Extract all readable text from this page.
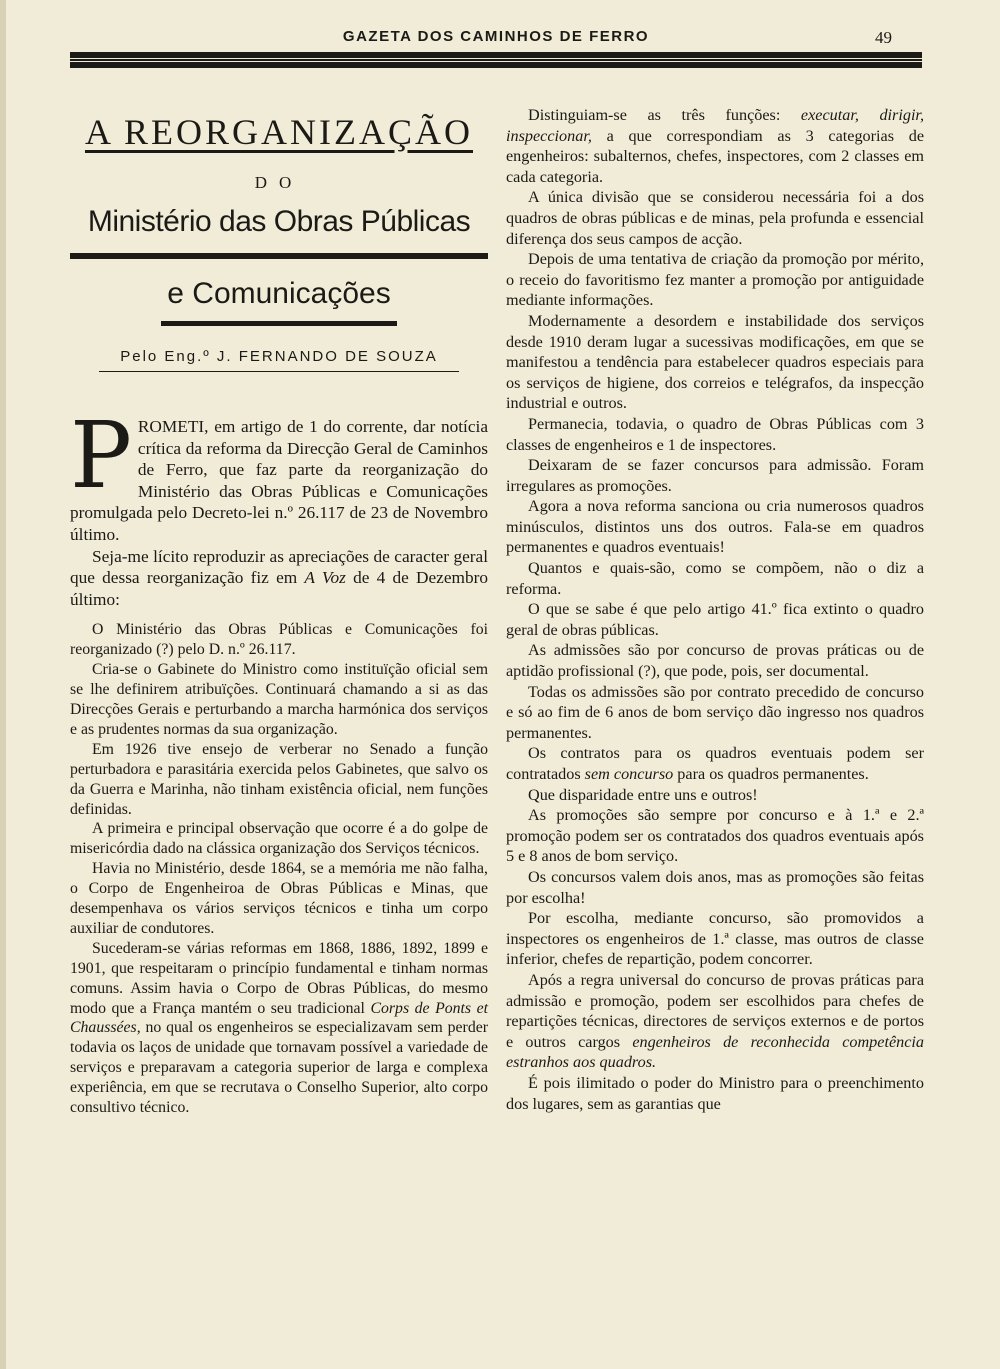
GAZETA DOS CAMINHOS DE FERRO	49
A REORGANIZAÇÃO
DO
Ministério das Obras Públicas
e Comunicações
Pelo Eng.º J. FERNANDO DE SOUZA

PROMETI, em artigo de 1 do corrente, dar notícia crítica da reforma da Direcção Geral de Caminhos de Ferro, que faz parte da reorganização do Ministério das Obras Públicas e Comunicações promulgada pelo Decreto-lei n.º 26.117 de 23 de Novembro último.

Seja-me lícito reproduzir as apreciações de caracter geral que dessa reorganização fiz em A Voz de 4 de Dezembro último:

O Ministério das Obras Públicas e Comunicações foi reorganizado (?) pelo D. n.º 26.117.

Cria-se o Gabinete do Ministro como instituïção oficial sem se lhe definirem atribuïções. Continuará chamando a si as das Direcções Gerais e perturbando a marcha harmónica dos serviços e as prudentes normas da sua organização.

Em 1926 tive ensejo de verberar no Senado a função perturbadora e parasitária exercida pelos Gabinetes, que salvo os da Guerra e Marinha, não tinham existência oficial, nem funções definidas.

A primeira e principal observação que ocorre é a do golpe de misericórdia dado na clássica organização dos Serviços técnicos.

Havia no Ministério, desde 1864, se a memória me não falha, o Corpo de Engenheiroa de Obras Públicas e Minas, que desempenhava os vários serviços técnicos e tinha um corpo auxiliar de condutores.

Sucederam-se várias reformas em 1868, 1886, 1892, 1899 e 1901, que respeitaram o princípio fundamental e tinham normas comuns. Assim havia o Corpo de Obras Públicas, do mesmo modo que a França mantém o seu tradicional Corps de Ponts et Chaussées, no qual os engenheiros se especializavam sem perder todavia os laços de unidade que tornavam possível a variedade de serviços e preparavam a categoria superior de larga e complexa experiência, em que se recrutava o Conselho Superior, alto corpo consultivo técnico.

Distinguiam-se as três funções: executar, dirigir, inspeccionar, a que correspondiam as 3 categorias de engenheiros: subalternos, chefes, inspectores, com 2 classes em cada categoria.

A única divisão que se considerou necessária foi a dos quadros de obras públicas e de minas, pela profunda e essencial diferença dos seus campos de acção.

Depois de uma tentativa de criação da promoção por mérito, o receio do favoritismo fez manter a promoção por antiguidade mediante informações.

Modernamente a desordem e instabilidade dos serviços desde 1910 deram lugar a sucessivas modificações, em que se manifestou a tendência para estabelecer quadros especiais para os serviços de higiene, dos correios e telégrafos, da inspecção industrial e outros.

Permanecia, todavia, o quadro de Obras Públicas com 3 classes de engenheiros e 1 de inspectores.

Deixaram de se fazer concursos para admissão. Foram irregulares as promoções.

Agora a nova reforma sanciona ou cria numerosos quadros minúsculos, distintos uns dos outros. Fala-se em quadros permanentes e quadros eventuais!

Quantos e quais-são, como se compõem, não o diz a reforma.

O que se sabe é que pelo artigo 41.º fica extinto o quadro geral de obras públicas.

As admissões são por concurso de provas práticas ou de aptidão profissional (?), que pode, pois, ser documental.

Todas os admissões são por contrato precedido de concurso e só ao fim de 6 anos de bom serviço dão ingresso nos quadros permanentes.

Os contratos para os quadros eventuais podem ser contratados sem concurso para os quadros permanentes.

Que disparidade entre uns e outros!

As promoções são sempre por concurso e à 1.ª e 2.ª promoção podem ser os contratados dos quadros eventuais após 5 e 8 anos de bom serviço.

Os concursos valem dois anos, mas as promoções são feitas por escolha!

Por escolha, mediante concurso, são promovidos a inspectores os engenheiros de 1.ª classe, mas outros de classe inferior, chefes de repartição, podem concorrer.

Após a regra universal do concurso de provas práticas para admissão e promoção, podem ser escolhidos para chefes de repartições técnicas, directores de serviços externos e de portos e outros cargos engenheiros de reconhecida competência estranhos aos quadros.

É pois ilimitado o poder do Ministro para o preenchimento dos lugares, sem as garantias que
